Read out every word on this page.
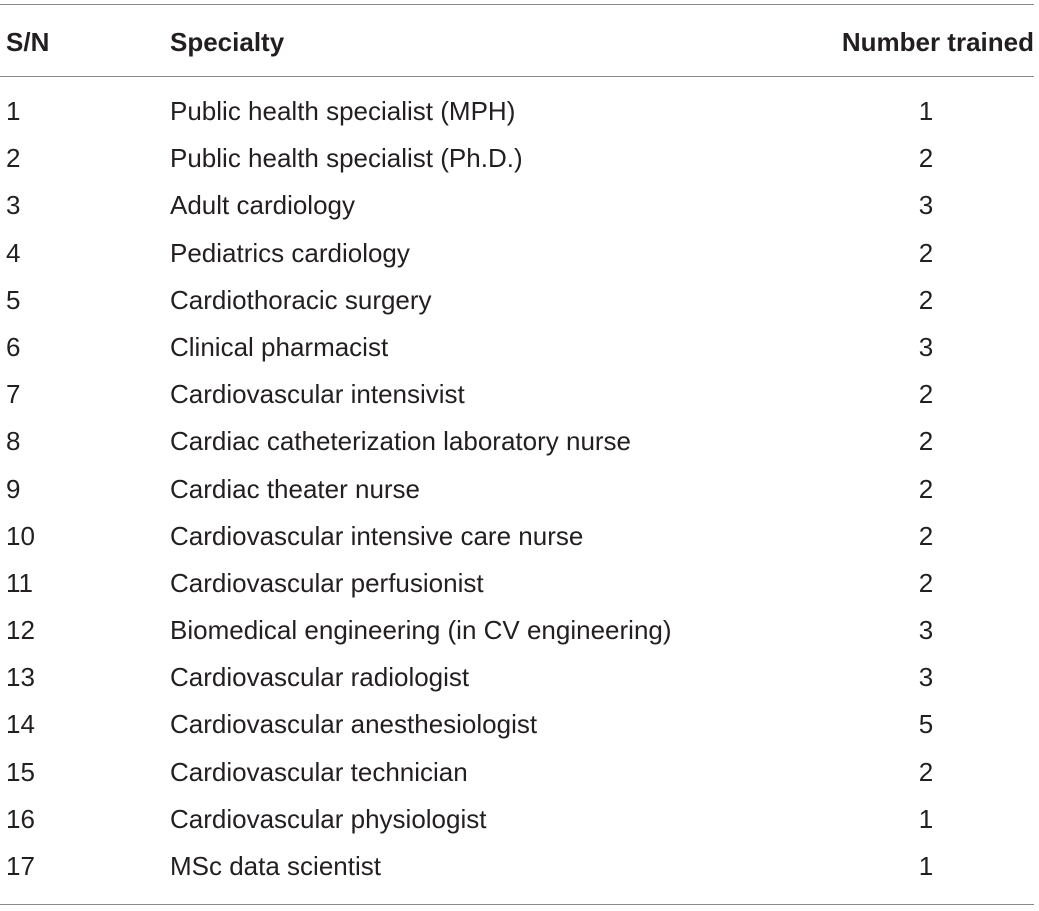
S/N	Specialty	Number trained
1	Public health specialist (MPH)	1
2	Public health specialist (Ph.D.)	2
3	Adult cardiology	3
4	Pediatrics cardiology	2
5	Cardiothoracic surgery	2
6	Clinical pharmacist	3
7	Cardiovascular intensivist	2
8	Cardiac catheterization laboratory nurse	2
9	Cardiac theater nurse	2
10	Cardiovascular intensive care nurse	2
11	Cardiovascular perfusionist	2
12	Biomedical engineering (in CV engineering)	3
13	Cardiovascular radiologist	3
14	Cardiovascular anesthesiologist	5
15	Cardiovascular technician	2
16	Cardiovascular physiologist	1
17	MSc data scientist	1
